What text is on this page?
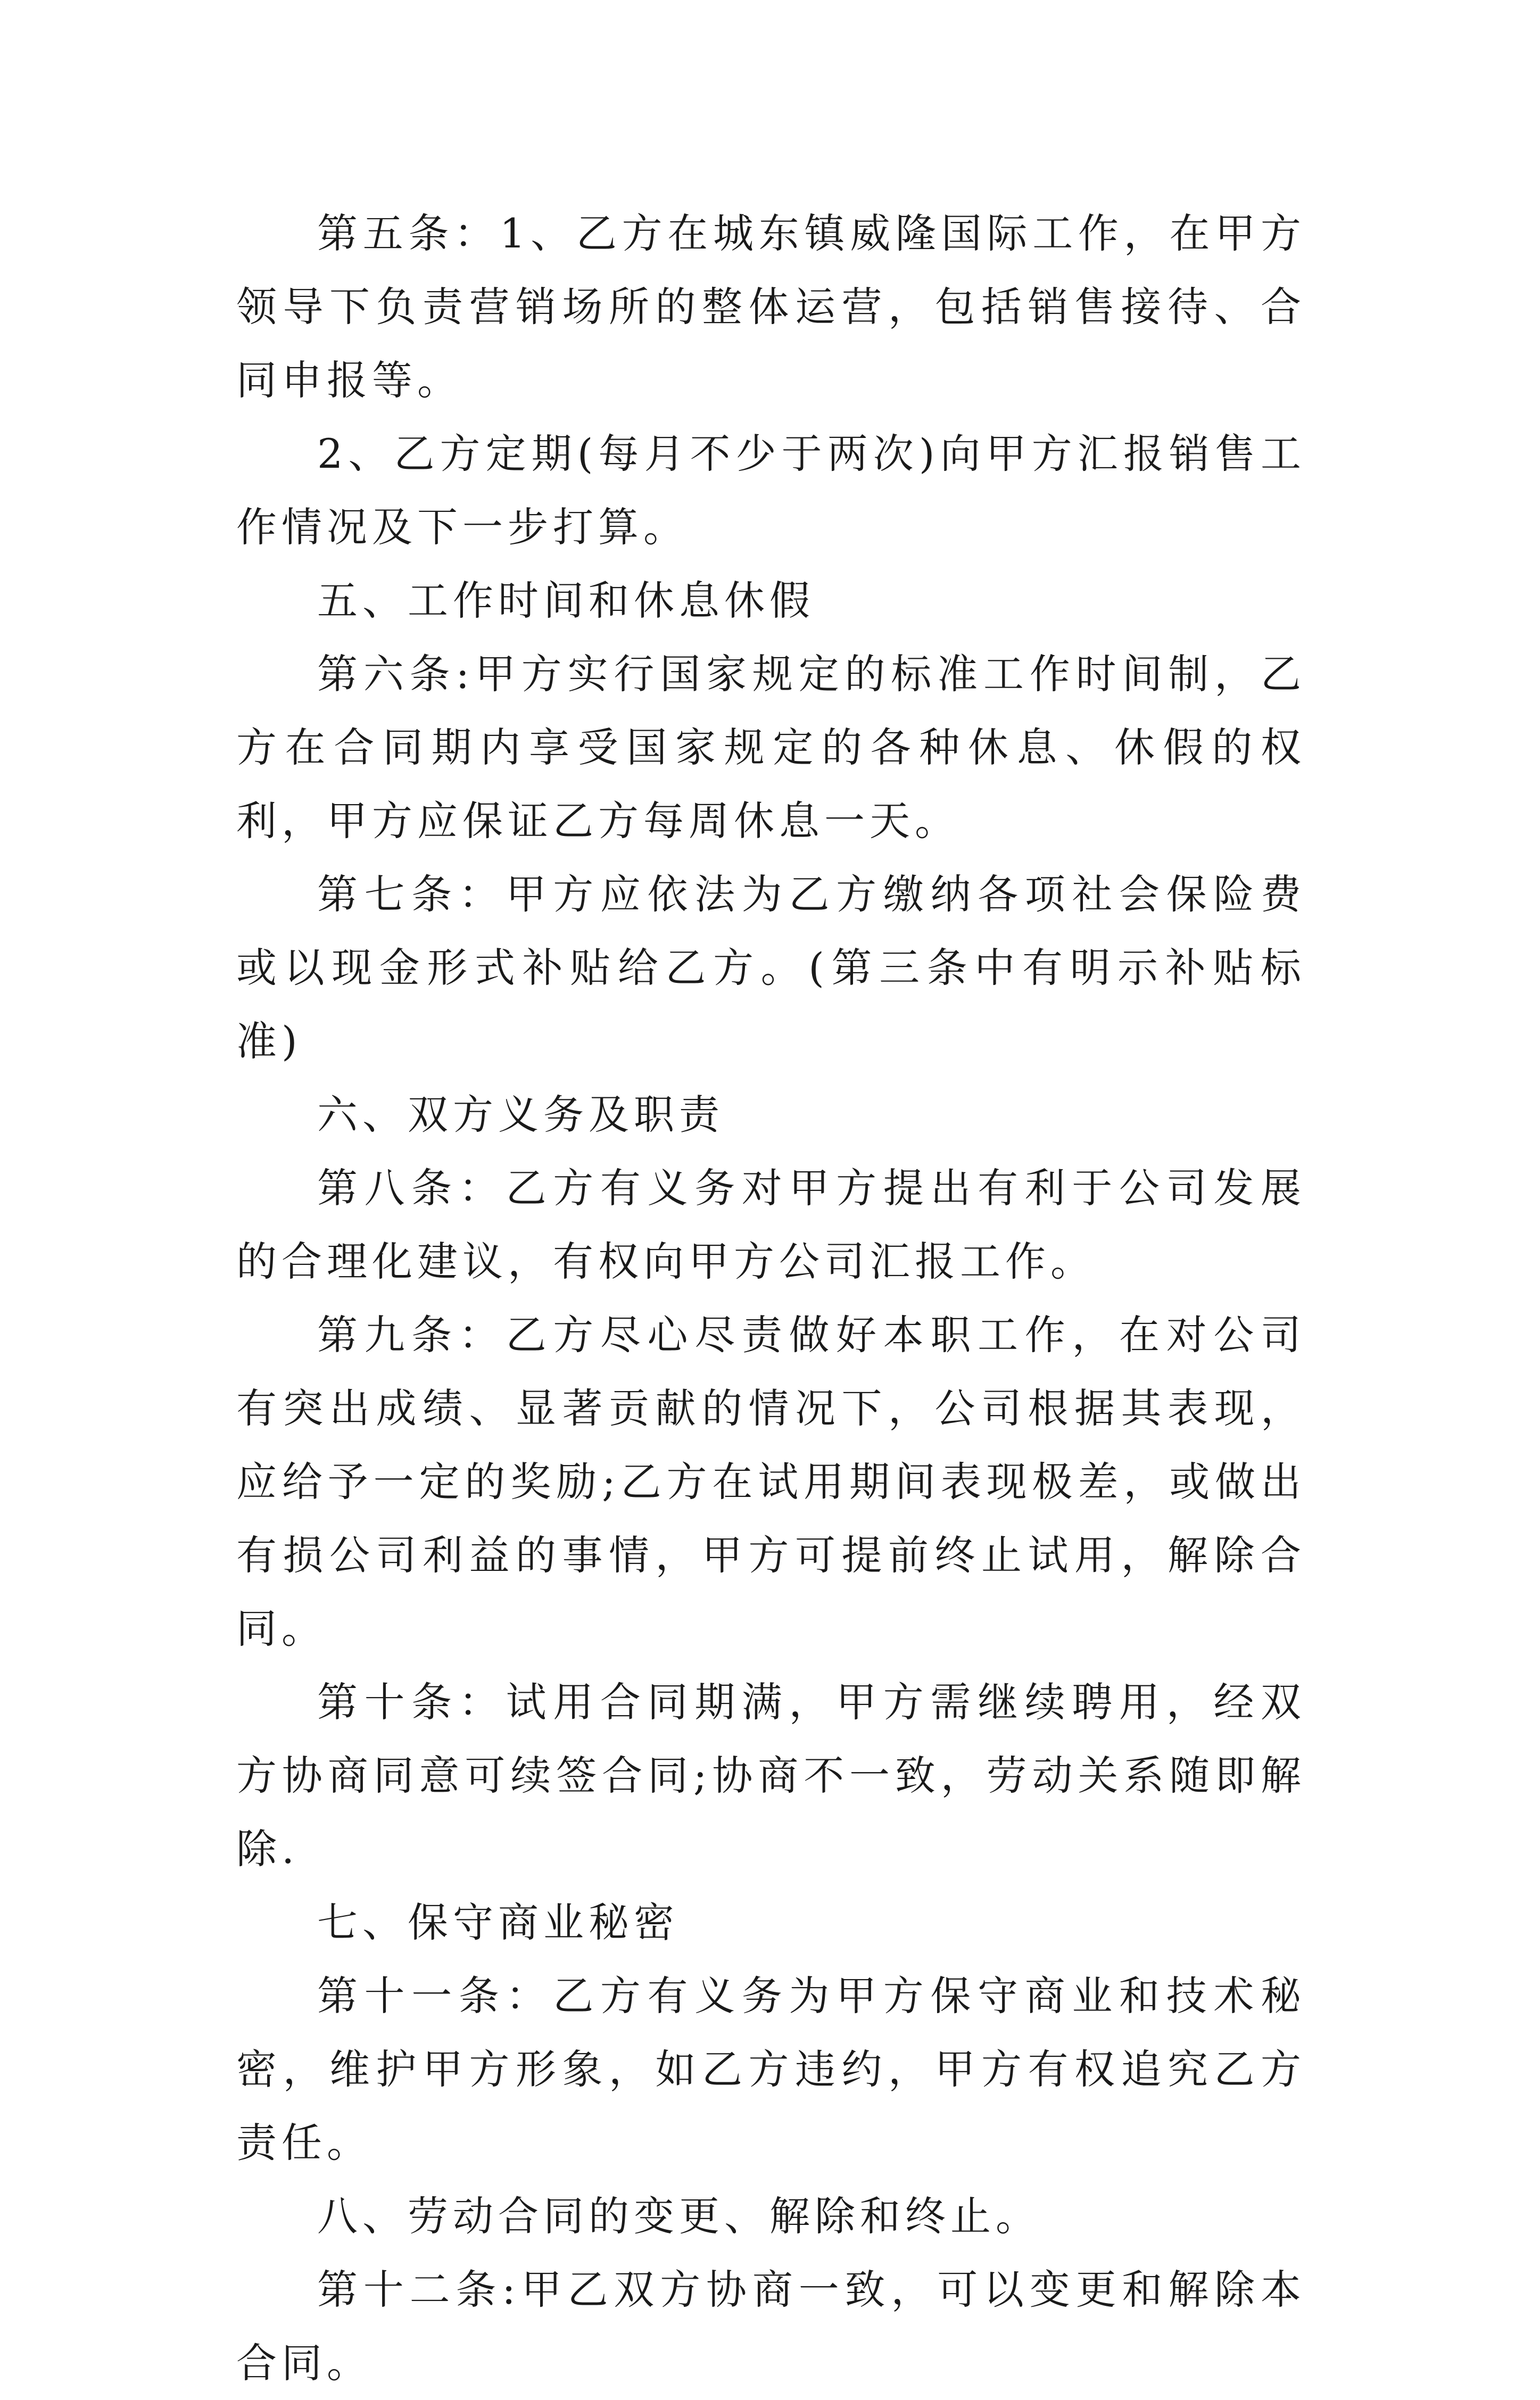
第五条：1、乙方在城东镇威隆国际工作，在甲方领导下负责营销场所的整体运营，包括销售接待、合同申报等。

2、乙方定期(每月不少于两次)向甲方汇报销售工作情况及下一步打算。

五、工作时间和休息休假

第六条:甲方实行国家规定的标准工作时间制，乙方在合同期内享受国家规定的各种休息、休假的权利，甲方应保证乙方每周休息一天。

第七条：甲方应依法为乙方缴纳各项社会保险费或以现金形式补贴给乙方。(第三条中有明示补贴标准)

六、双方义务及职责

第八条：乙方有义务对甲方提出有利于公司发展的合理化建议，有权向甲方公司汇报工作。

第九条：乙方尽心尽责做好本职工作，在对公司有突出成绩、显著贡献的情况下，公司根据其表现，应给予一定的奖励;乙方在试用期间表现极差，或做出有损公司利益的事情，甲方可提前终止试用，解除合同。

第十条：试用合同期满，甲方需继续聘用，经双方协商同意可续签合同;协商不一致，劳动关系随即解除.

七、保守商业秘密

第十一条：乙方有义务为甲方保守商业和技术秘密，维护甲方形象，如乙方违约，甲方有权追究乙方责任。

八、劳动合同的变更、解除和终止。

第十二条:甲乙双方协商一致，可以变更和解除本合同。
